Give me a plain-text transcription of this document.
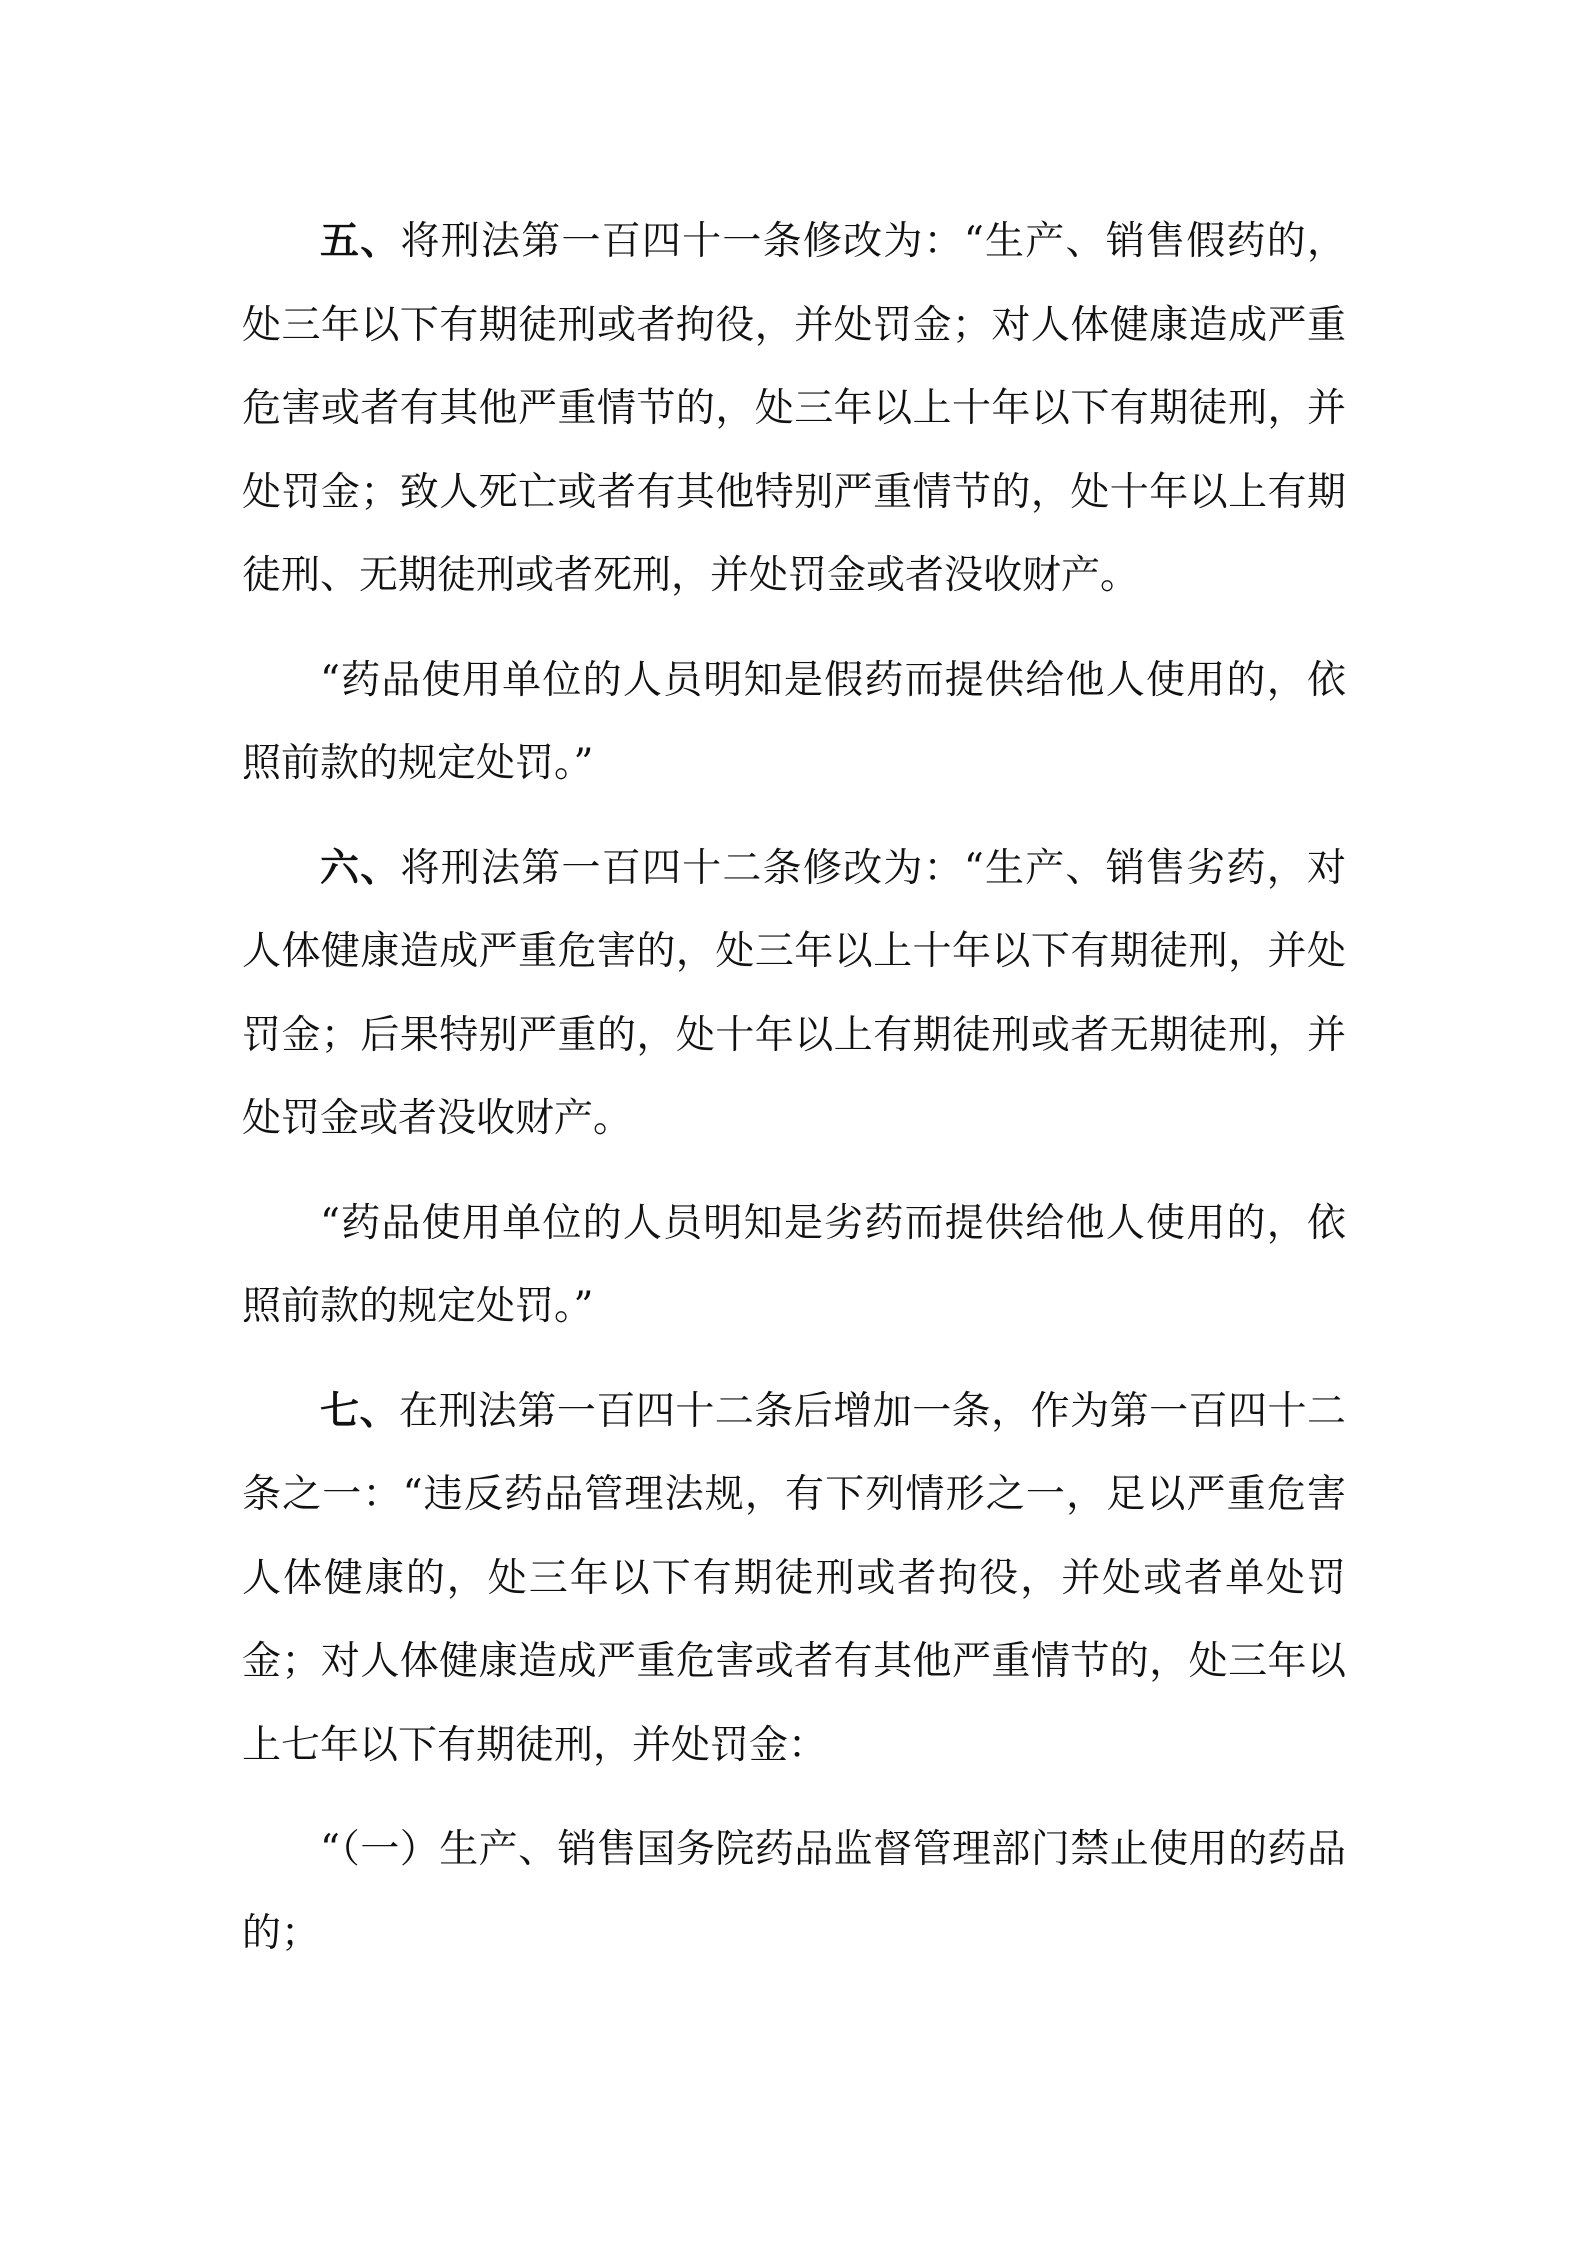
五、将刑法第一百四十一条修改为：“生产、销售假药的，处三年以下有期徒刑或者拘役，并处罚金；对人体健康造成严重危害或者有其他严重情节的，处三年以上十年以下有期徒刑，并处罚金；致人死亡或者有其他特别严重情节的，处十年以上有期徒刑、无期徒刑或者死刑，并处罚金或者没收财产。

“药品使用单位的人员明知是假药而提供给他人使用的，依照前款的规定处罚。”

六、将刑法第一百四十二条修改为：“生产、销售劣药，对人体健康造成严重危害的，处三年以上十年以下有期徒刑，并处罚金；后果特别严重的，处十年以上有期徒刑或者无期徒刑，并处罚金或者没收财产。

“药品使用单位的人员明知是劣药而提供给他人使用的，依照前款的规定处罚。”

七、在刑法第一百四十二条后增加一条，作为第一百四十二条之一：“违反药品管理法规，有下列情形之一，足以严重危害人体健康的，处三年以下有期徒刑或者拘役，并处或者单处罚金；对人体健康造成严重危害或者有其他严重情节的，处三年以上七年以下有期徒刑，并处罚金：

“（一）生产、销售国务院药品监督管理部门禁止使用的药品的；
